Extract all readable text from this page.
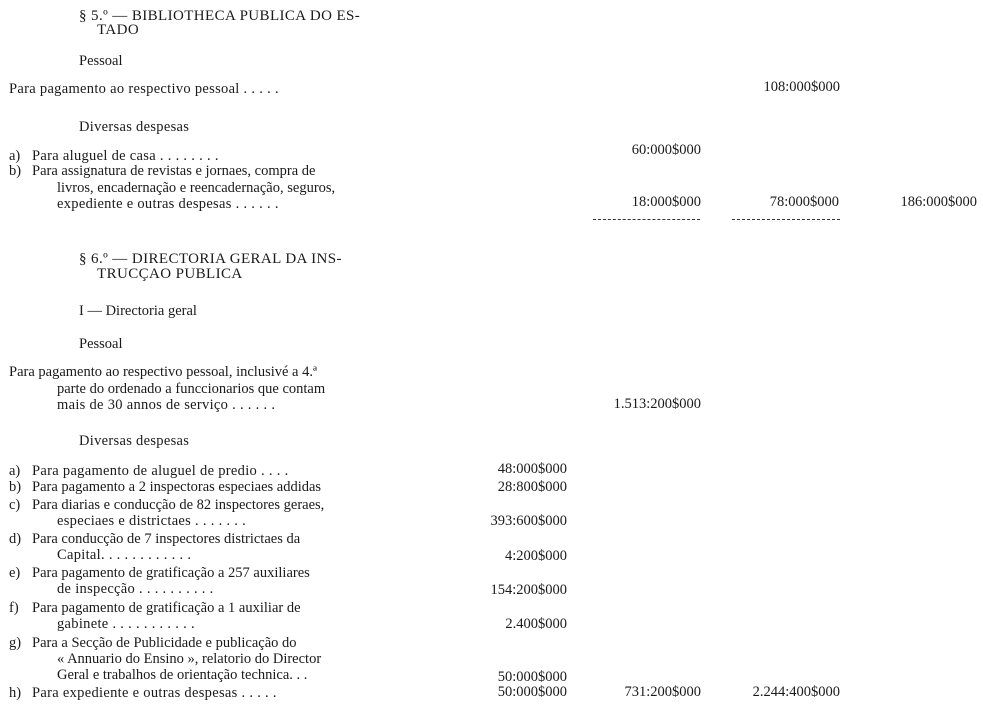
§ 5.º — BIBLIOTHECA PUBLICA DO ES-
TADO
Pessoal
Para pagamento ao respectivo pessoal . . . . .	108:000$000
Diversas despesas
a) Para aluguel de casa . . . . . . . .	60:000$000
b) Para assignatura de revistas e jornaes, compra de
livros, encadernação e reencadernação, seguros,
expediente e outras despesas . . . . . .	18:000$000	78:000$000	186:000$000
§ 6.º — DIRECTORIA GERAL DA INS-
TRUCÇAO PUBLICA
I — Directoria geral
Pessoal
Para pagamento ao respectivo pessoal, inclusivé a 4.ª
parte do ordenado a funccionarios que contam
mais de 30 annos de serviço . . . . . .	1.513:200$000
Diversas despesas
a) Para pagamento de aluguel de predio . . . .	48:000$000
b) Para pagamento a 2 inspectoras especiaes addidas	28:800$000
c) Para diarias e conducção de 82 inspectores geraes,
especiaes e districtaes . . . . . . .	393:600$000
d) Para conducção de 7 inspectores districtaes da
Capital. . . . . . . . . . . .	4:200$000
e) Para pagamento de gratificação a 257 auxiliares
de inspecção . . . . . . . . . .	154:200$000
f) Para pagamento de gratificação a 1 auxiliar de
gabinete . . . . . . . . . . .	2.400$000
g) Para a Secção de Publicidade e publicação do
« Annuario do Ensino », relatorio do Director
Geral e trabalhos de orientação technica. . .	50:000$000
h) Para expediente e outras despesas . . . . .	50:000$000	731:200$000	2.244:400$000
